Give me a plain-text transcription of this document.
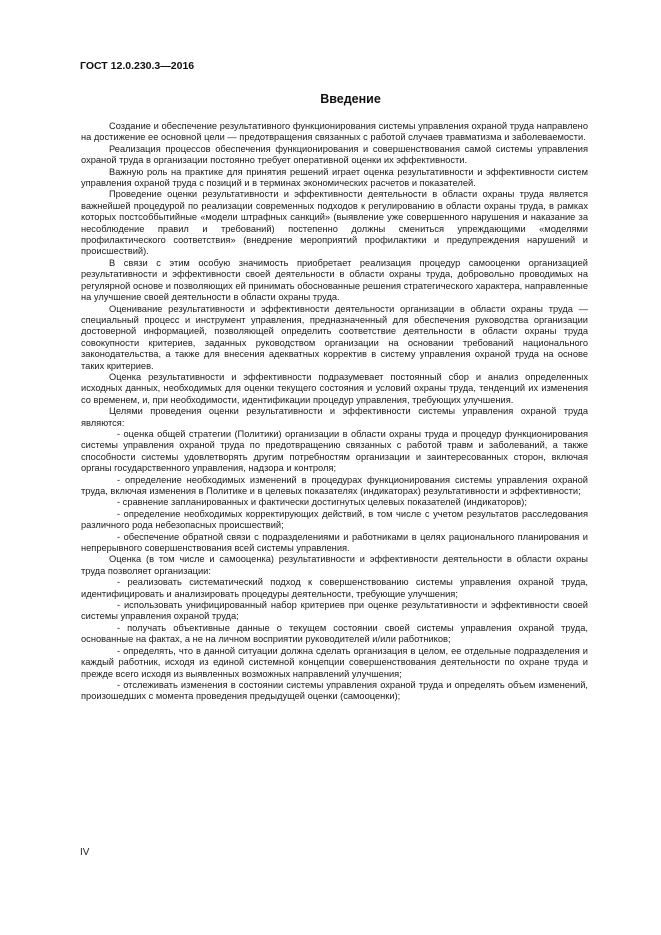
ГОСТ 12.0.230.3—2016
Введение

Создание и обеспечение результативного функционирования системы управления охраной труда направлено на достижение ее основной цели — предотвращения связанных с работой случаев травматизма и заболеваемости.

Реализация процессов обеспечения функционирования и совершенствования самой системы управления охраной труда в организации постоянно требует оперативной оценки их эффективности.

Важную роль на практике для принятия решений играет оценка результативности и эффективности систем управления охраной труда с позиций и в терминах экономических расчетов и показателей.

Проведение оценки результативности и эффективности деятельности в области охраны труда является важнейшей процедурой по реализации современных подходов к регулированию в области охраны труда, в рамках которых постсоббытийные «модели штрафных санкций» (выявление уже совершенного нарушения и наказание за несоблюдение правил и требований) постепенно должны смениться упреждающими «моделями профилактического соответствия» (внедрение мероприятий профилактики и предупреждения нарушений и происшествий).

В связи с этим особую значимость приобретает реализация процедур самооценки организацией результативности и эффективности своей деятельности в области охраны труда, добровольно проводимых на регулярной основе и позволяющих ей принимать обоснованные решения стратегического характера, направленные на улучшение своей деятельности в области охраны труда.

Оценивание результативности и эффективности деятельности организации в области охраны труда — специальный процесс и инструмент управления, предназначенный для обеспечения руководства организации достоверной информацией, позволяющей определить соответствие деятельности в области охраны труда совокупности критериев, заданных руководством организации на основании требований национального законодательства, а также для внесения адекватных корректив в систему управления охраной труда на основе таких критериев.

Оценка результативности и эффективности подразумевает постоянный сбор и анализ определенных исходных данных, необходимых для оценки текущего состояния и условий охраны труда, тенденций их изменения со временем, и, при необходимости, идентификации процедур управления, требующих улучшения.

Целями проведения оценки результативности и эффективности системы управления охраной труда являются:

- оценка общей стратегии (Политики) организации в области охраны труда и процедур функционирования системы управления охраной труда по предотвращению связанных с работой травм и заболеваний, а также способности системы удовлетворять другим потребностям организации и заинтересованных сторон, включая органы государственного управления, надзора и контроля;

- определение необходимых изменений в процедурах функционирования системы управления охраной труда, включая изменения в Политике и в целевых показателях (индикаторах) результативности и эффективности;

- сравнение запланированных и фактически достигнутых целевых показателей (индикаторов);

- определение необходимых корректирующих действий, в том числе с учетом результатов расследования различного рода небезопасных происшествий;

- обеспечение обратной связи с подразделениями и работниками в целях рационального планирования и непрерывного совершенствования всей системы управления.

Оценка (в том числе и самооценка) результативности и эффективности деятельности в области охраны труда позволяет организации:

- реализовать систематический подход к совершенствованию системы управления охраной труда, идентифицировать и анализировать процедуры деятельности, требующие улучшения;

- использовать унифицированный набор критериев при оценке результативности и эффективности своей системы управления охраной труда;

- получать объективные данные о текущем состоянии своей системы управления охраной труда, основанные на фактах, а не на личном восприятии руководителей и/или работников;

- определять, что в данной ситуации должна сделать организация в целом, ее отдельные подразделения и каждый работник, исходя из единой системной концепции совершенствования деятельности по охране труда и прежде всего исходя из выявленных возможных направлений улучшения;

- отслеживать изменения в состоянии системы управления охраной труда и определять объем изменений, произошедших с момента проведения предыдущей оценки (самооценки);

IV
